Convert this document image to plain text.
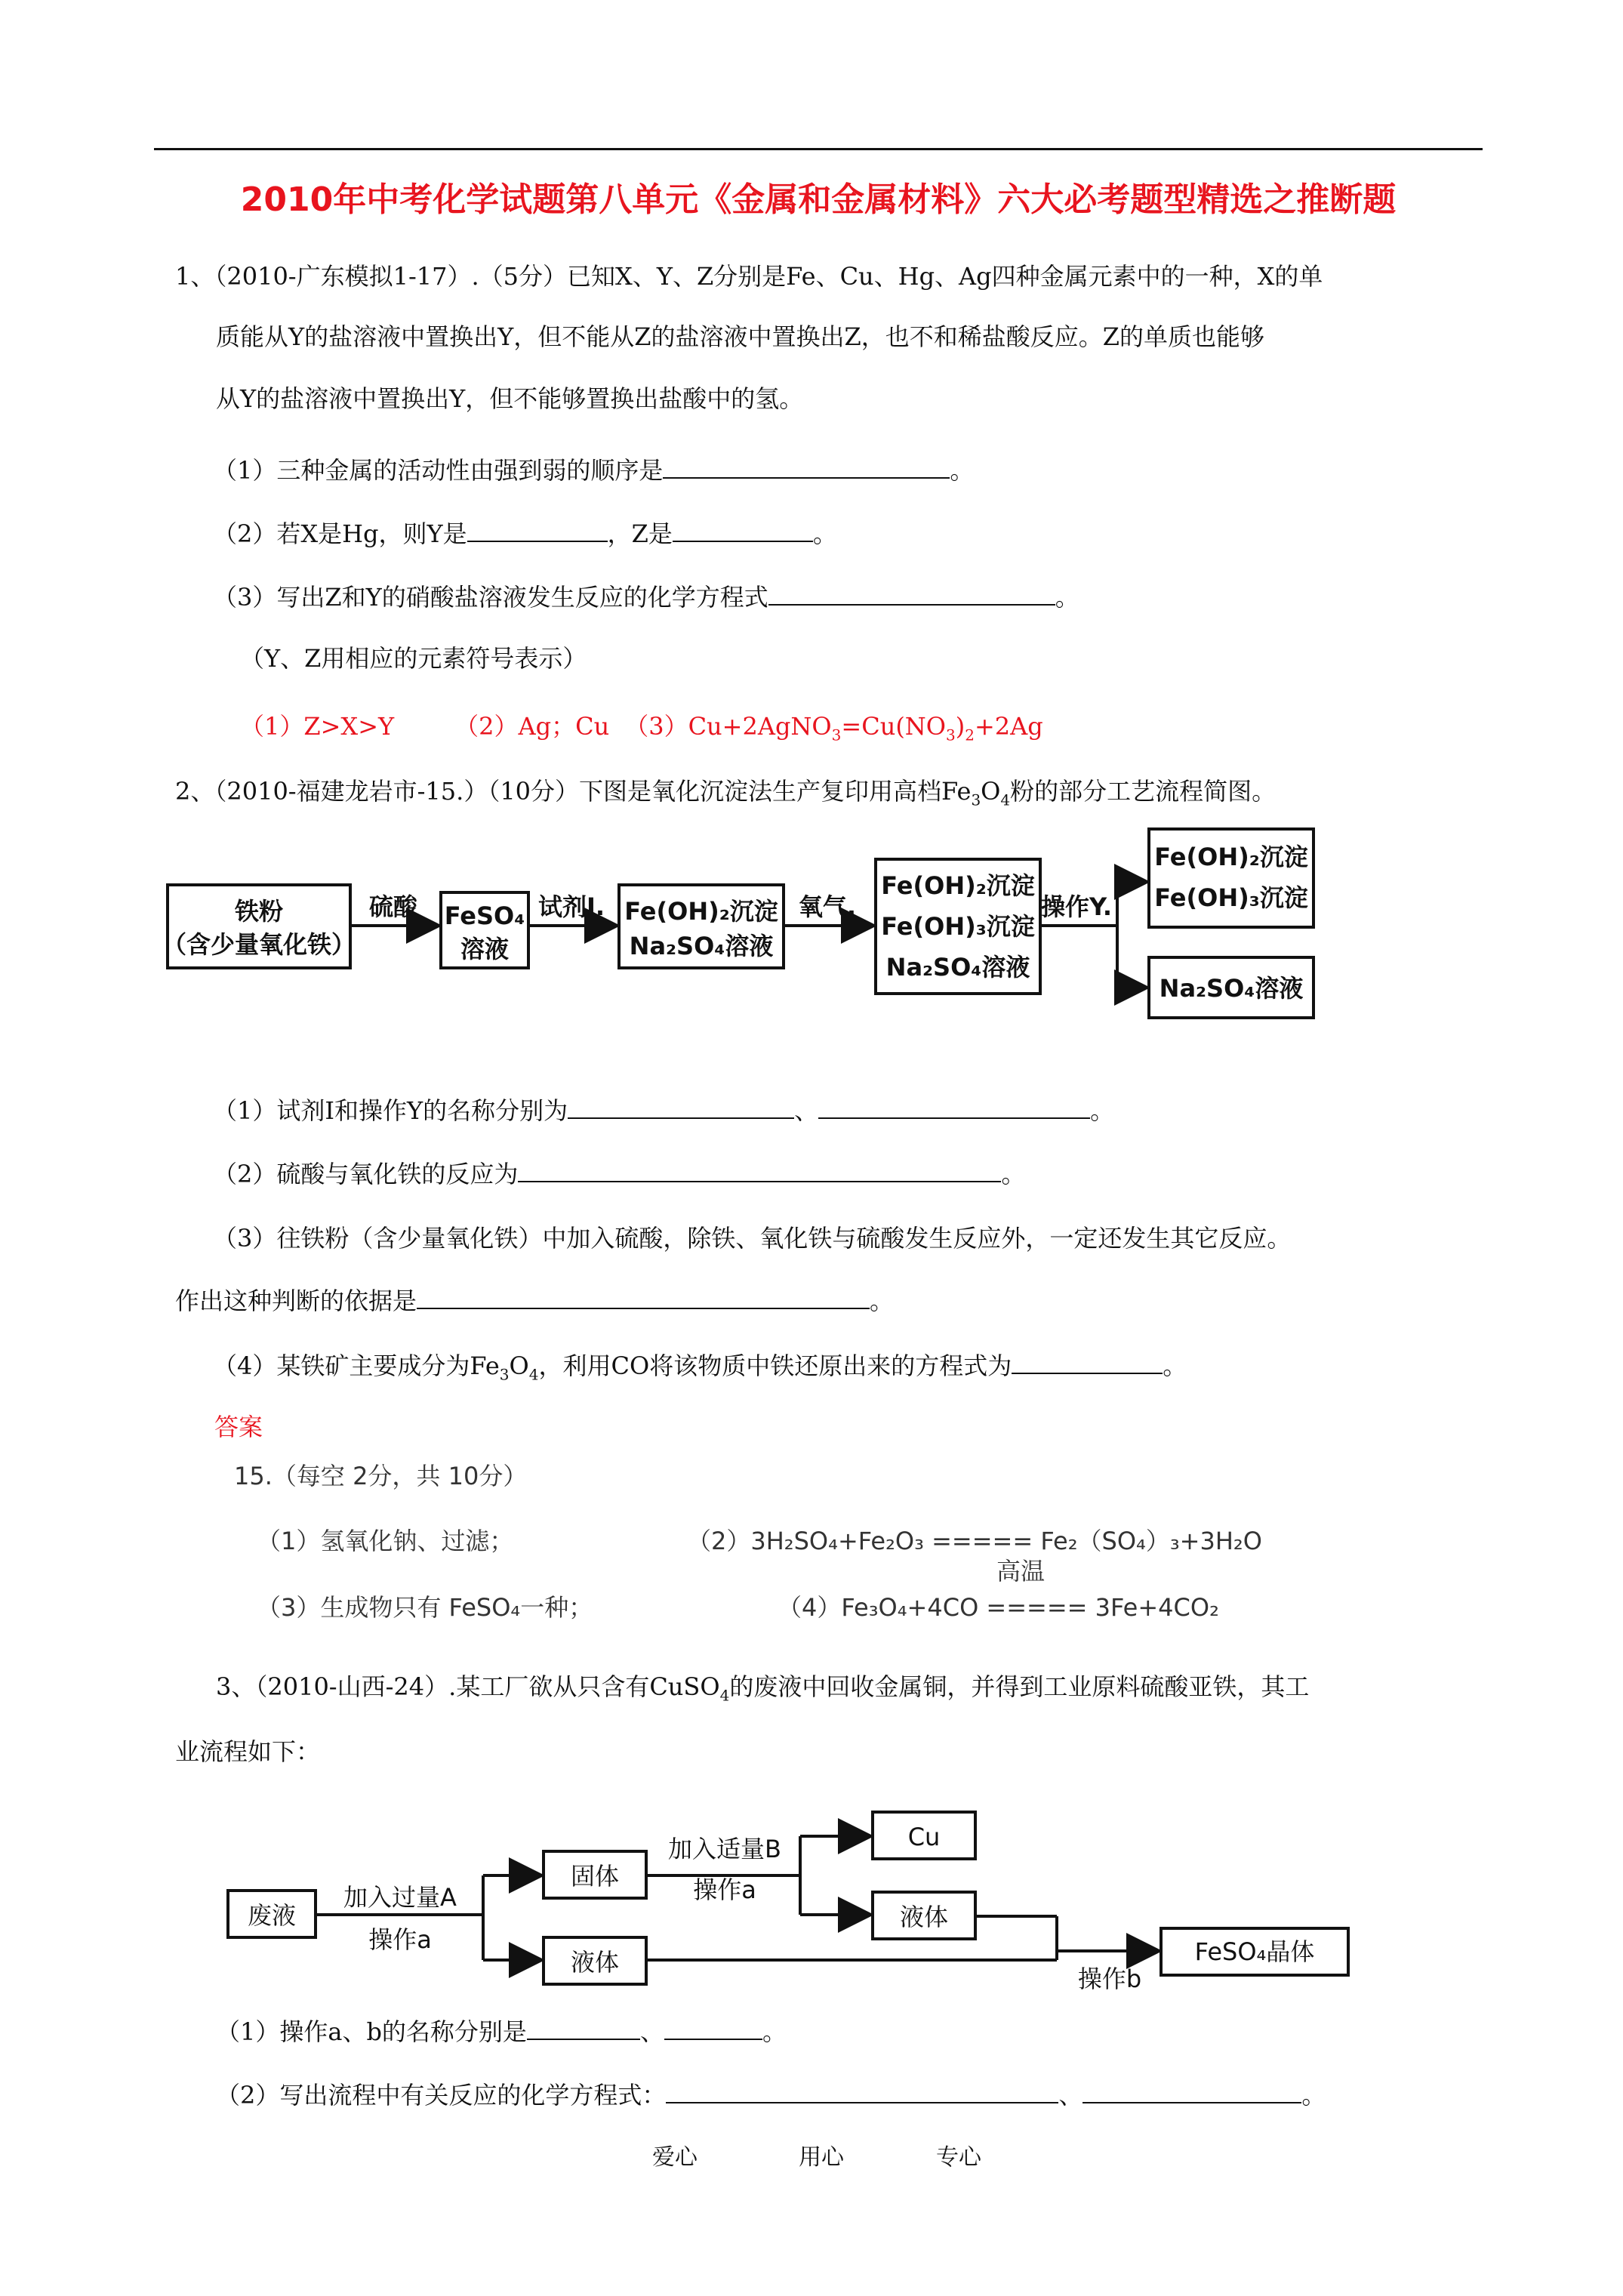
2010年中考化学试题第八单元《金属和金属材料》六大必考题型精选之推断题
1、（2010-广东模拟1-17）.（5分）已知X、Y、Z分别是Fe、Cu、Hg、Ag四种金属元素中的一种，X的单
质能从Y的盐溶液中置换出Y，但不能从Z的盐溶液中置换出Z，也不和稀盐酸反应。Z的单质也能够
从Y的盐溶液中置换出Y，但不能够置换出盐酸中的氢。
（1）三种金属的活动性由强到弱的顺序是	。
（2）若X是Hg，则Y是	，Z是	。
（3）写出Z和Y的硝酸盐溶液发生反应的化学方程式	。
（Y、Z用相应的元素符号表示）
（1）Z>X>Y	（2）Ag；Cu $(3)Cu+2AgNO_3=Cu(NO_3)_2+2Ag$
2、（2010-福建龙岩市-15.）（10分）下图是氧化沉淀法生产复印用高档$Fe_3O_4$粉的部分工艺流程简图。
铁粉
（含少量氧化铁）
硫酸 FeSO₄
溶液
试剂I. Fe(OH)₂沉淀
Na₂SO₄溶液
氧气.
Fe(OH)₂沉淀
Fe(OH)₃沉淀
Na₂SO₄溶液
操作Y.
Fe(OH)₂沉淀
Fe(OH)₃沉淀
Na₂SO₄溶液
（1）试剂I和操作Y的名称分别为	、	。
（2）硫酸与氧化铁的反应为	。
（3）往铁粉（含少量氧化铁）中加入硫酸，除铁、氧化铁与硫酸发生反应外，一定还发生其它反应。
作出这种判断的依据是	。
（4）某铁矿主要成分为$Fe_3O_4$，利用CO将该物质中铁还原出来的方程式为	。
答案
15.（每空 2分，共 10分）
（1）氢氧化钠、过滤；	（2）3H₂SO₄+Fe₂O₃ ===== Fe₂（SO₄）₃+3H₂O
高温
（3）生成物只有 FeSO₄一种；	（4）Fe₃O₄+4CO ===== 3Fe+4CO₂
3、（2010-山西-24）.某工厂欲从只含有CuSO$_4$的废液中回收金属铜，并得到工业原料硫酸亚铁，其工
业流程如下：
废液
加入过量A
操作a
固体
液体
加入适量B
操作a
Cu
液体
操作b
FeSO₄晶体
（1）操作a、b的名称分别是	、	。
（2）写出流程中有关反应的化学方程式：	、	。
爱心	用心	专心
